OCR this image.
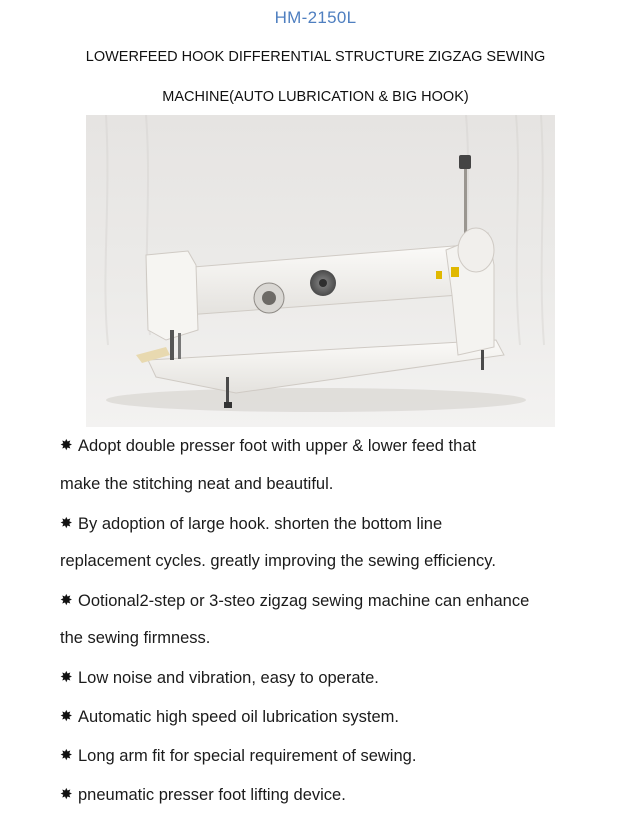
HM-2150L
LOWERFEED HOOK DIFFERENTIAL STRUCTURE ZIGZAG SEWING
MACHINE(AUTO LUBRICATION & BIG HOOK)
✸ Adopt double presser foot with upper & lower feed that
make the stitching neat and beautiful.
✸ By adoption of large hook. shorten the bottom line
replacement cycles. greatly improving the sewing efficiency.
✸ Ootional2-step or 3-steo zigzag sewing machine can enhance
the sewing firmness.
✸ Low noise and vibration, easy to operate.
✸ Automatic high speed oil lubrication system.
✸ Long arm fit for special requirement of sewing.
✸ pneumatic presser foot lifting device.
